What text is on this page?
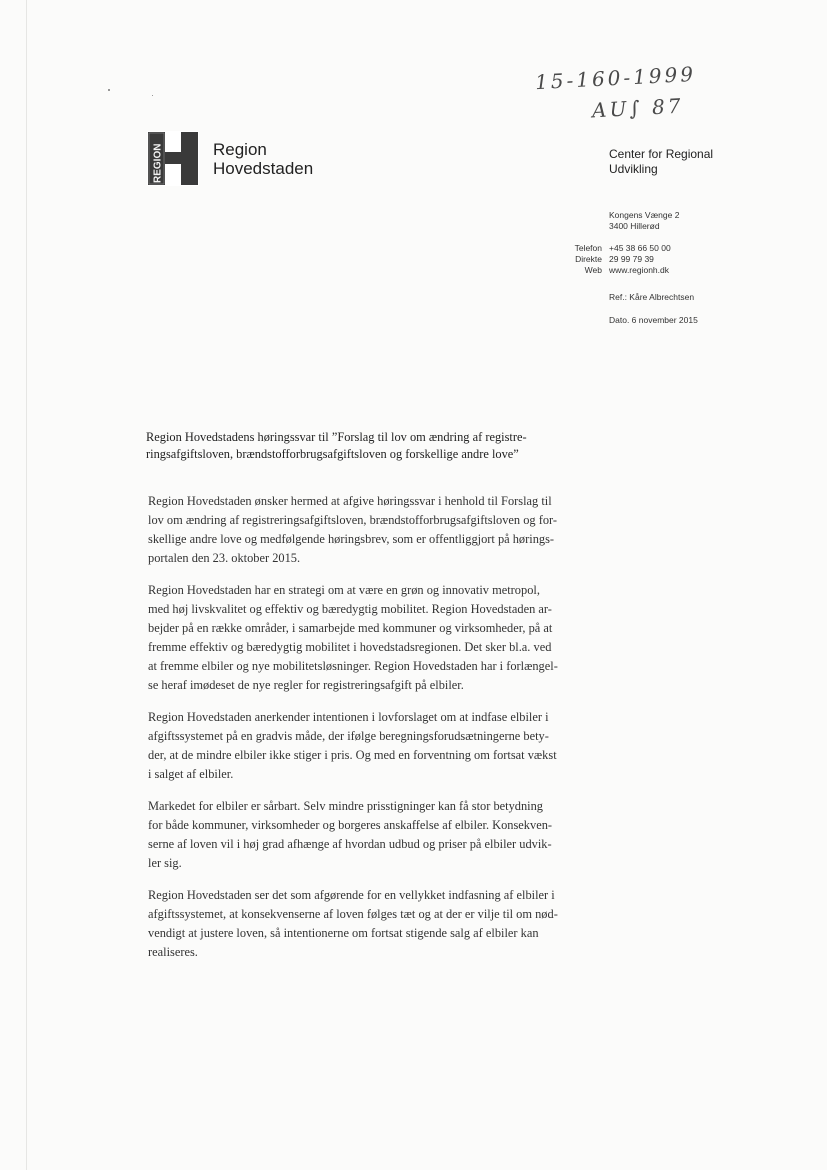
15-160-1999
AU∫ 87
REGION	Region
Hovedstaden
Center for Regional
Udvikling
Kongens Vænge 2
3400 Hillerød
Telefon +45 38 66 50 00
Direkte 29 99 79 39
Web www.regionh.dk
Ref.: Kåre Albrechtsen
Dato. 6 november 2015
Region Hovedstadens høringssvar til ”Forslag til lov om ændring af registre-
ringsafgiftsloven, brændstofforbrugsafgiftsloven og forskellige andre love”
Region Hovedstaden ønsker hermed at afgive høringssvar i henhold til Forslag til
lov om ændring af registreringsafgiftsloven, brændstofforbrugsafgiftsloven og for-
skellige andre love og medfølgende høringsbrev, som er offentliggjort på hørings-
portalen den 23. oktober 2015.
Region Hovedstaden har en strategi om at være en grøn og innovativ metropol,
med høj livskvalitet og effektiv og bæredygtig mobilitet. Region Hovedstaden ar-
bejder på en række områder, i samarbejde med kommuner og virksomheder, på at
fremme effektiv og bæredygtig mobilitet i hovedstadsregionen. Det sker bl.a. ved
at fremme elbiler og nye mobilitetsløsninger. Region Hovedstaden har i forlængel-
se heraf imødeset de nye regler for registreringsafgift på elbiler.
Region Hovedstaden anerkender intentionen i lovforslaget om at indfase elbiler i
afgiftssystemet på en gradvis måde, der ifølge beregningsforudsætningerne bety-
der, at de mindre elbiler ikke stiger i pris. Og med en forventning om fortsat vækst
i salget af elbiler.
Markedet for elbiler er sårbart. Selv mindre prisstigninger kan få stor betydning
for både kommuner, virksomheder og borgeres anskaffelse af elbiler. Konsekven-
serne af loven vil i høj grad afhænge af hvordan udbud og priser på elbiler udvik-
ler sig.
Region Hovedstaden ser det som afgørende for en vellykket indfasning af elbiler i
afgiftssystemet, at konsekvenserne af loven følges tæt og at der er vilje til om nød-
vendigt at justere loven, så intentionerne om fortsat stigende salg af elbiler kan
realiseres.
